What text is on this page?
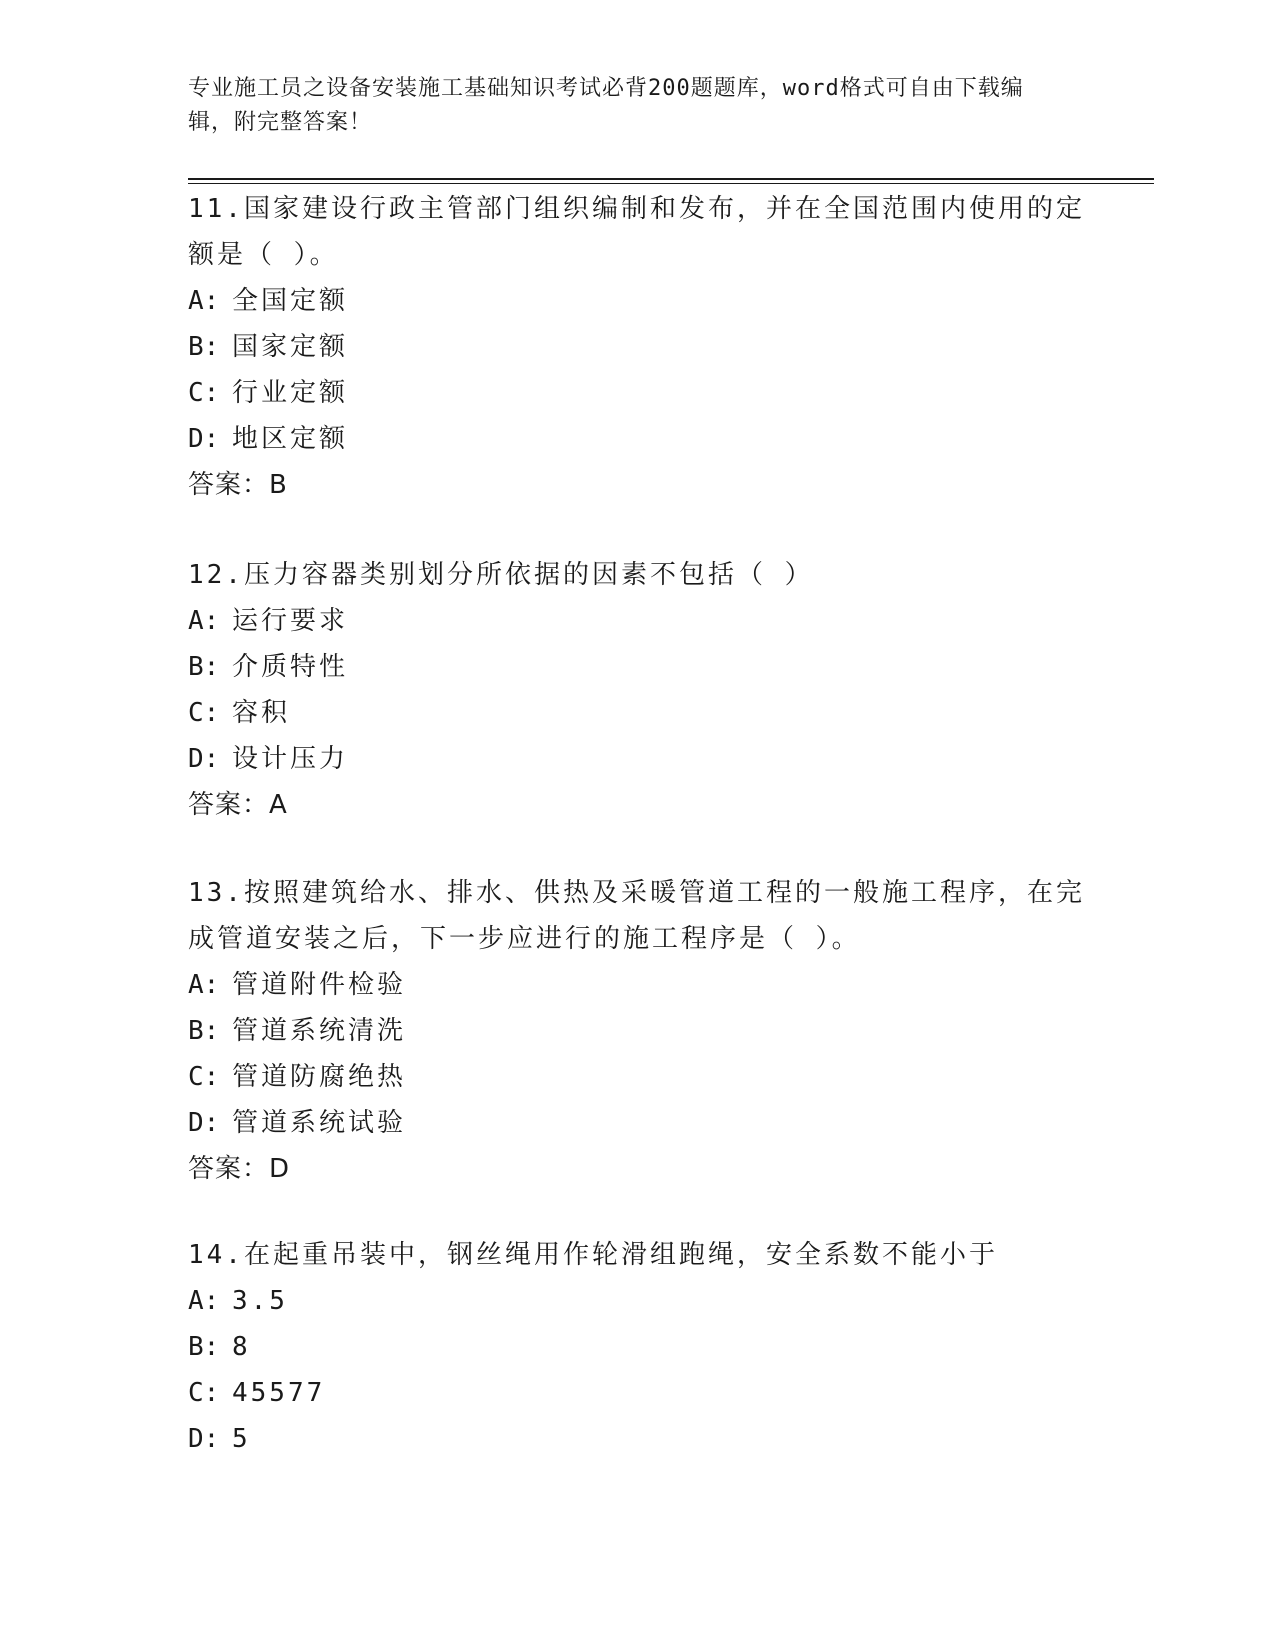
专业施工员之设备安装施工基础知识考试必背200题题库，word格式可自由下载编辑，附完整答案！

11.国家建设行政主管部门组织编制和发布，并在全国范围内使用的定额是（ ）。

A: 全国定额
B: 国家定额
C: 行业定额
D: 地区定额
答案：B

12.压力容器类别划分所依据的因素不包括（ ）

A: 运行要求
B: 介质特性
C: 容积
D: 设计压力
答案：A

13.按照建筑给水、排水、供热及采暖管道工程的一般施工程序，在完成管道安装之后，下一步应进行的施工程序是（ ）。

A: 管道附件检验
B: 管道系统清洗
C: 管道防腐绝热
D: 管道系统试验
答案：D

14.在起重吊装中，钢丝绳用作轮滑组跑绳，安全系数不能小于

A: 3.5
B: 8
C: 45577
D: 5
